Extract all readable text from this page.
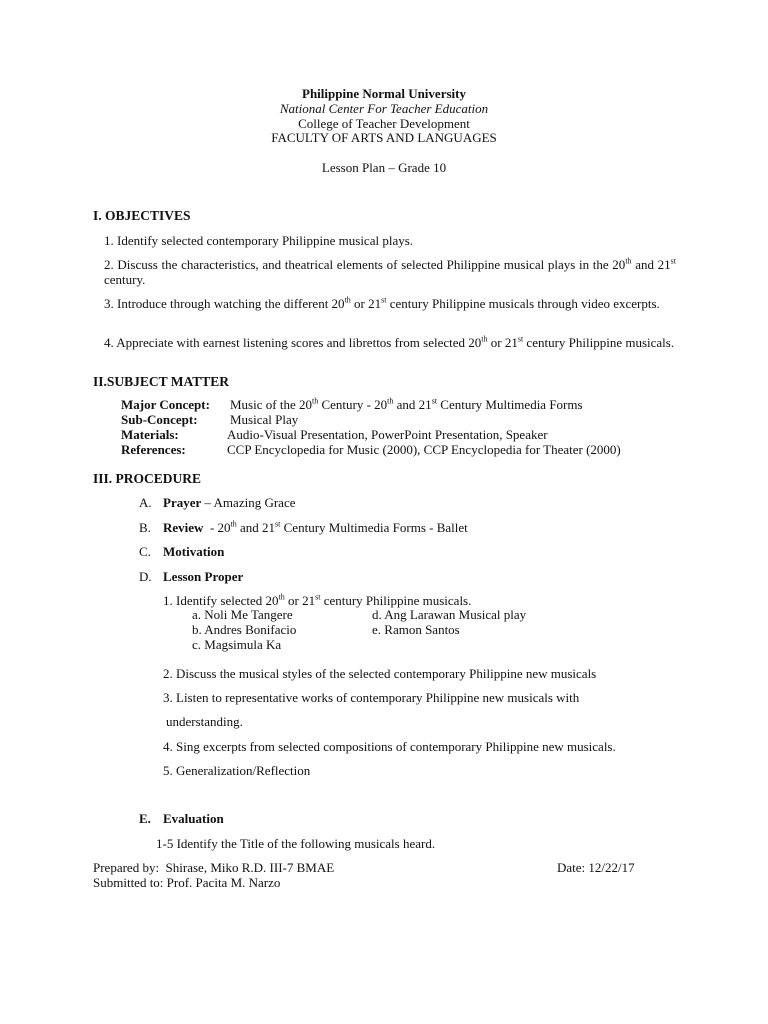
Philippine Normal University
National Center For Teacher Education
College of Teacher Development
FACULTY OF ARTS AND LANGUAGES
Lesson Plan – Grade 10
I. OBJECTIVES
1. Identify selected contemporary Philippine musical plays.
2. Discuss the characteristics, and theatrical elements of selected Philippine musical plays in the 20th and 21st century.
3. Introduce through watching the different 20th or 21st century Philippine musicals through video excerpts.
4. Appreciate with earnest listening scores and librettos from selected 20th or 21st century Philippine musicals.
II.SUBJECT MATTER
Major Concept: Music of the 20th Century - 20th and 21st Century Multimedia Forms
Sub-Concept: Musical Play
Materials:	Audio-Visual Presentation, PowerPoint Presentation, Speaker
References:	CCP Encyclopedia for Music (2000), CCP Encyclopedia for Theater (2000)
III. PROCEDURE
A. Prayer – Amazing Grace
B. Review  - 20th and 21st Century Multimedia Forms - Ballet
C. Motivation
D. Lesson Proper
1. Identify selected 20th or 21st century Philippine musicals.
a. Noli Me Tangere	d. Ang Larawan Musical play
b. Andres Bonifacio	e. Ramon Santos
c. Magsimula Ka
2. Discuss the musical styles of the selected contemporary Philippine new musicals
3. Listen to representative works of contemporary Philippine new musicals with
understanding.
4. Sing excerpts from selected compositions of contemporary Philippine new musicals.
5. Generalization/Reflection
E. Evaluation
1-5 Identify the Title of the following musicals heard.
Prepared by:  Shirase, Miko R.D. III-7 BMAE	Date: 12/22/17
Submitted to: Prof. Pacita M. Narzo
